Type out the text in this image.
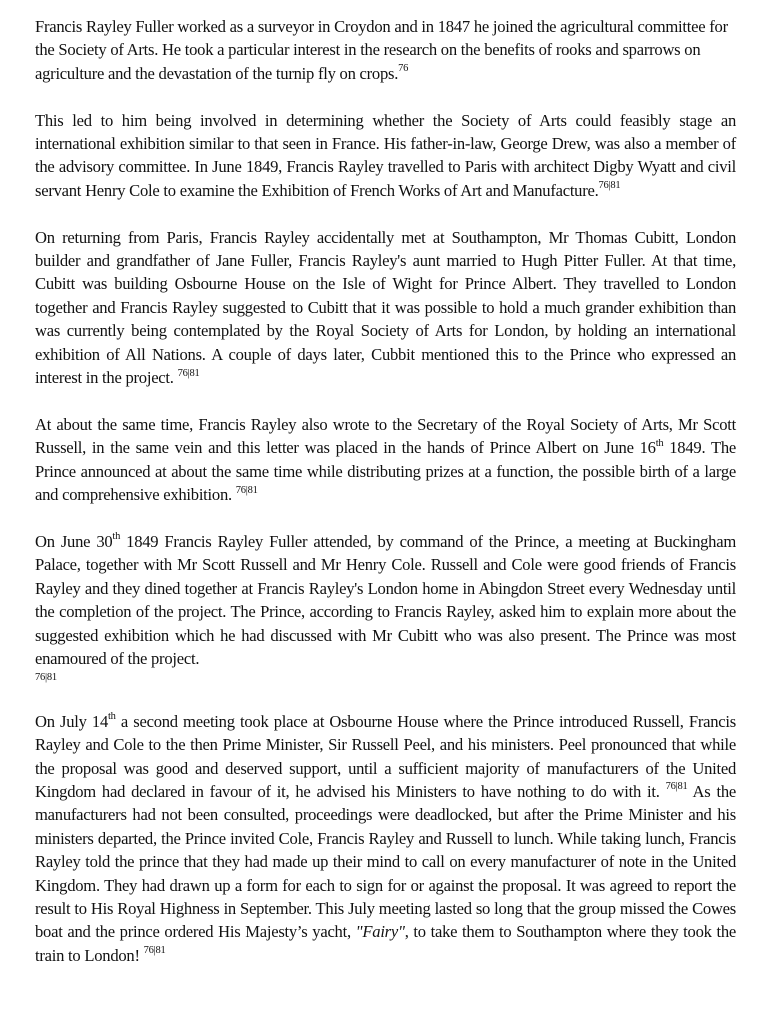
Francis Rayley Fuller worked as a surveyor in Croydon and in 1847 he joined the agricultural committee for the Society of Arts. He took a particular interest in the research on the benefits of rooks and sparrows on agriculture and the devastation of the turnip fly on crops.$^{76}$

This led to him being involved in determining whether the Society of Arts could feasibly stage an international exhibition similar to that seen in France. His father-in-law, George Drew, was also a member of the advisory committee. In June 1849, Francis Rayley travelled to Paris with architect Digby Wyatt and civil servant Henry Cole to examine the Exhibition of French Works of Art and Manufacture.$^{76|81}$

On returning from Paris, Francis Rayley accidentally met at Southampton, Mr Thomas Cubitt, London builder and grandfather of Jane Fuller, Francis Rayley's aunt married to Hugh Pitter Fuller. At that time, Cubitt was building Osbourne House on the Isle of Wight for Prince Albert. They travelled to London together and Francis Rayley suggested to Cubitt that it was possible to hold a much grander exhibition than was currently being contemplated by the Royal Society of Arts for London, by holding an international exhibition of All Nations. A couple of days later, Cubbit mentioned this to the Prince who expressed an interest in the project. $^{76|81}$

At about the same time, Francis Rayley also wrote to the Secretary of the Royal Society of Arts, Mr Scott Russell, in the same vein and this letter was placed in the hands of Prince Albert on June 16th 1849. The Prince announced at about the same time while distributing prizes at a function, the possible birth of a large and comprehensive exhibition. $^{76|81}$

On June 30th 1849 Francis Rayley Fuller attended, by command of the Prince, a meeting at Buckingham Palace, together with Mr Scott Russell and Mr Henry Cole. Russell and Cole were good friends of Francis Rayley and they dined together at Francis Rayley's London home in Abingdon Street every Wednesday until the completion of the project. The Prince, according to Francis Rayley, asked him to explain more about the suggested exhibition which he had discussed with Mr Cubitt who was also present. The Prince was most enamoured of the project.
76|81

On July 14th a second meeting took place at Osbourne House where the Prince introduced Russell, Francis Rayley and Cole to the then Prime Minister, Sir Russell Peel, and his ministers. Peel pronounced that while the proposal was good and deserved support, until a sufficient majority of manufacturers of the United Kingdom had declared in favour of it, he advised his Ministers to have nothing to do with it. $^{76|81}$ As the manufacturers had not been consulted, proceedings were deadlocked, but after the Prime Minister and his ministers departed, the Prince invited Cole, Francis Rayley and Russell to lunch. While taking lunch, Francis Rayley told the prince that they had made up their mind to call on every manufacturer of note in the United Kingdom. They had drawn up a form for each to sign for or against the proposal. It was agreed to report the result to His Royal Highness in September. This July meeting lasted so long that the group missed the Cowes boat and the prince ordered His Majesty’s yacht, "Fairy", to take them to Southampton where they took the train to London! $^{76|81}$
